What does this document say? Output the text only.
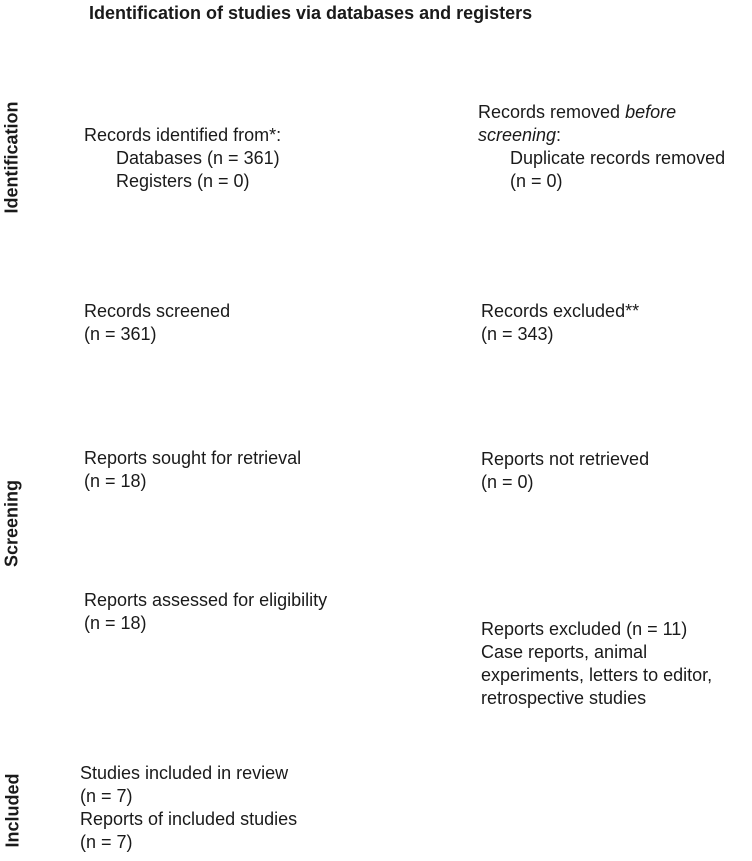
Identification of studies via databases and registers
Identification
Screening
Included
Records identified from*:
Databases (n = 361)
Registers (n = 0)
Records removed before
screening:
Duplicate records removed
(n = 0)
Records screened
(n = 361)
Records excluded**
(n = 343)
Reports sought for retrieval
(n = 18)
Reports not retrieved
(n = 0)
Reports assessed for eligibility
(n = 18)	Reports excluded (n = 11)
Case reports, animal
experiments, letters to editor,
retrospective studies
Studies included in review
(n = 7)
Reports of included studies
(n = 7)
